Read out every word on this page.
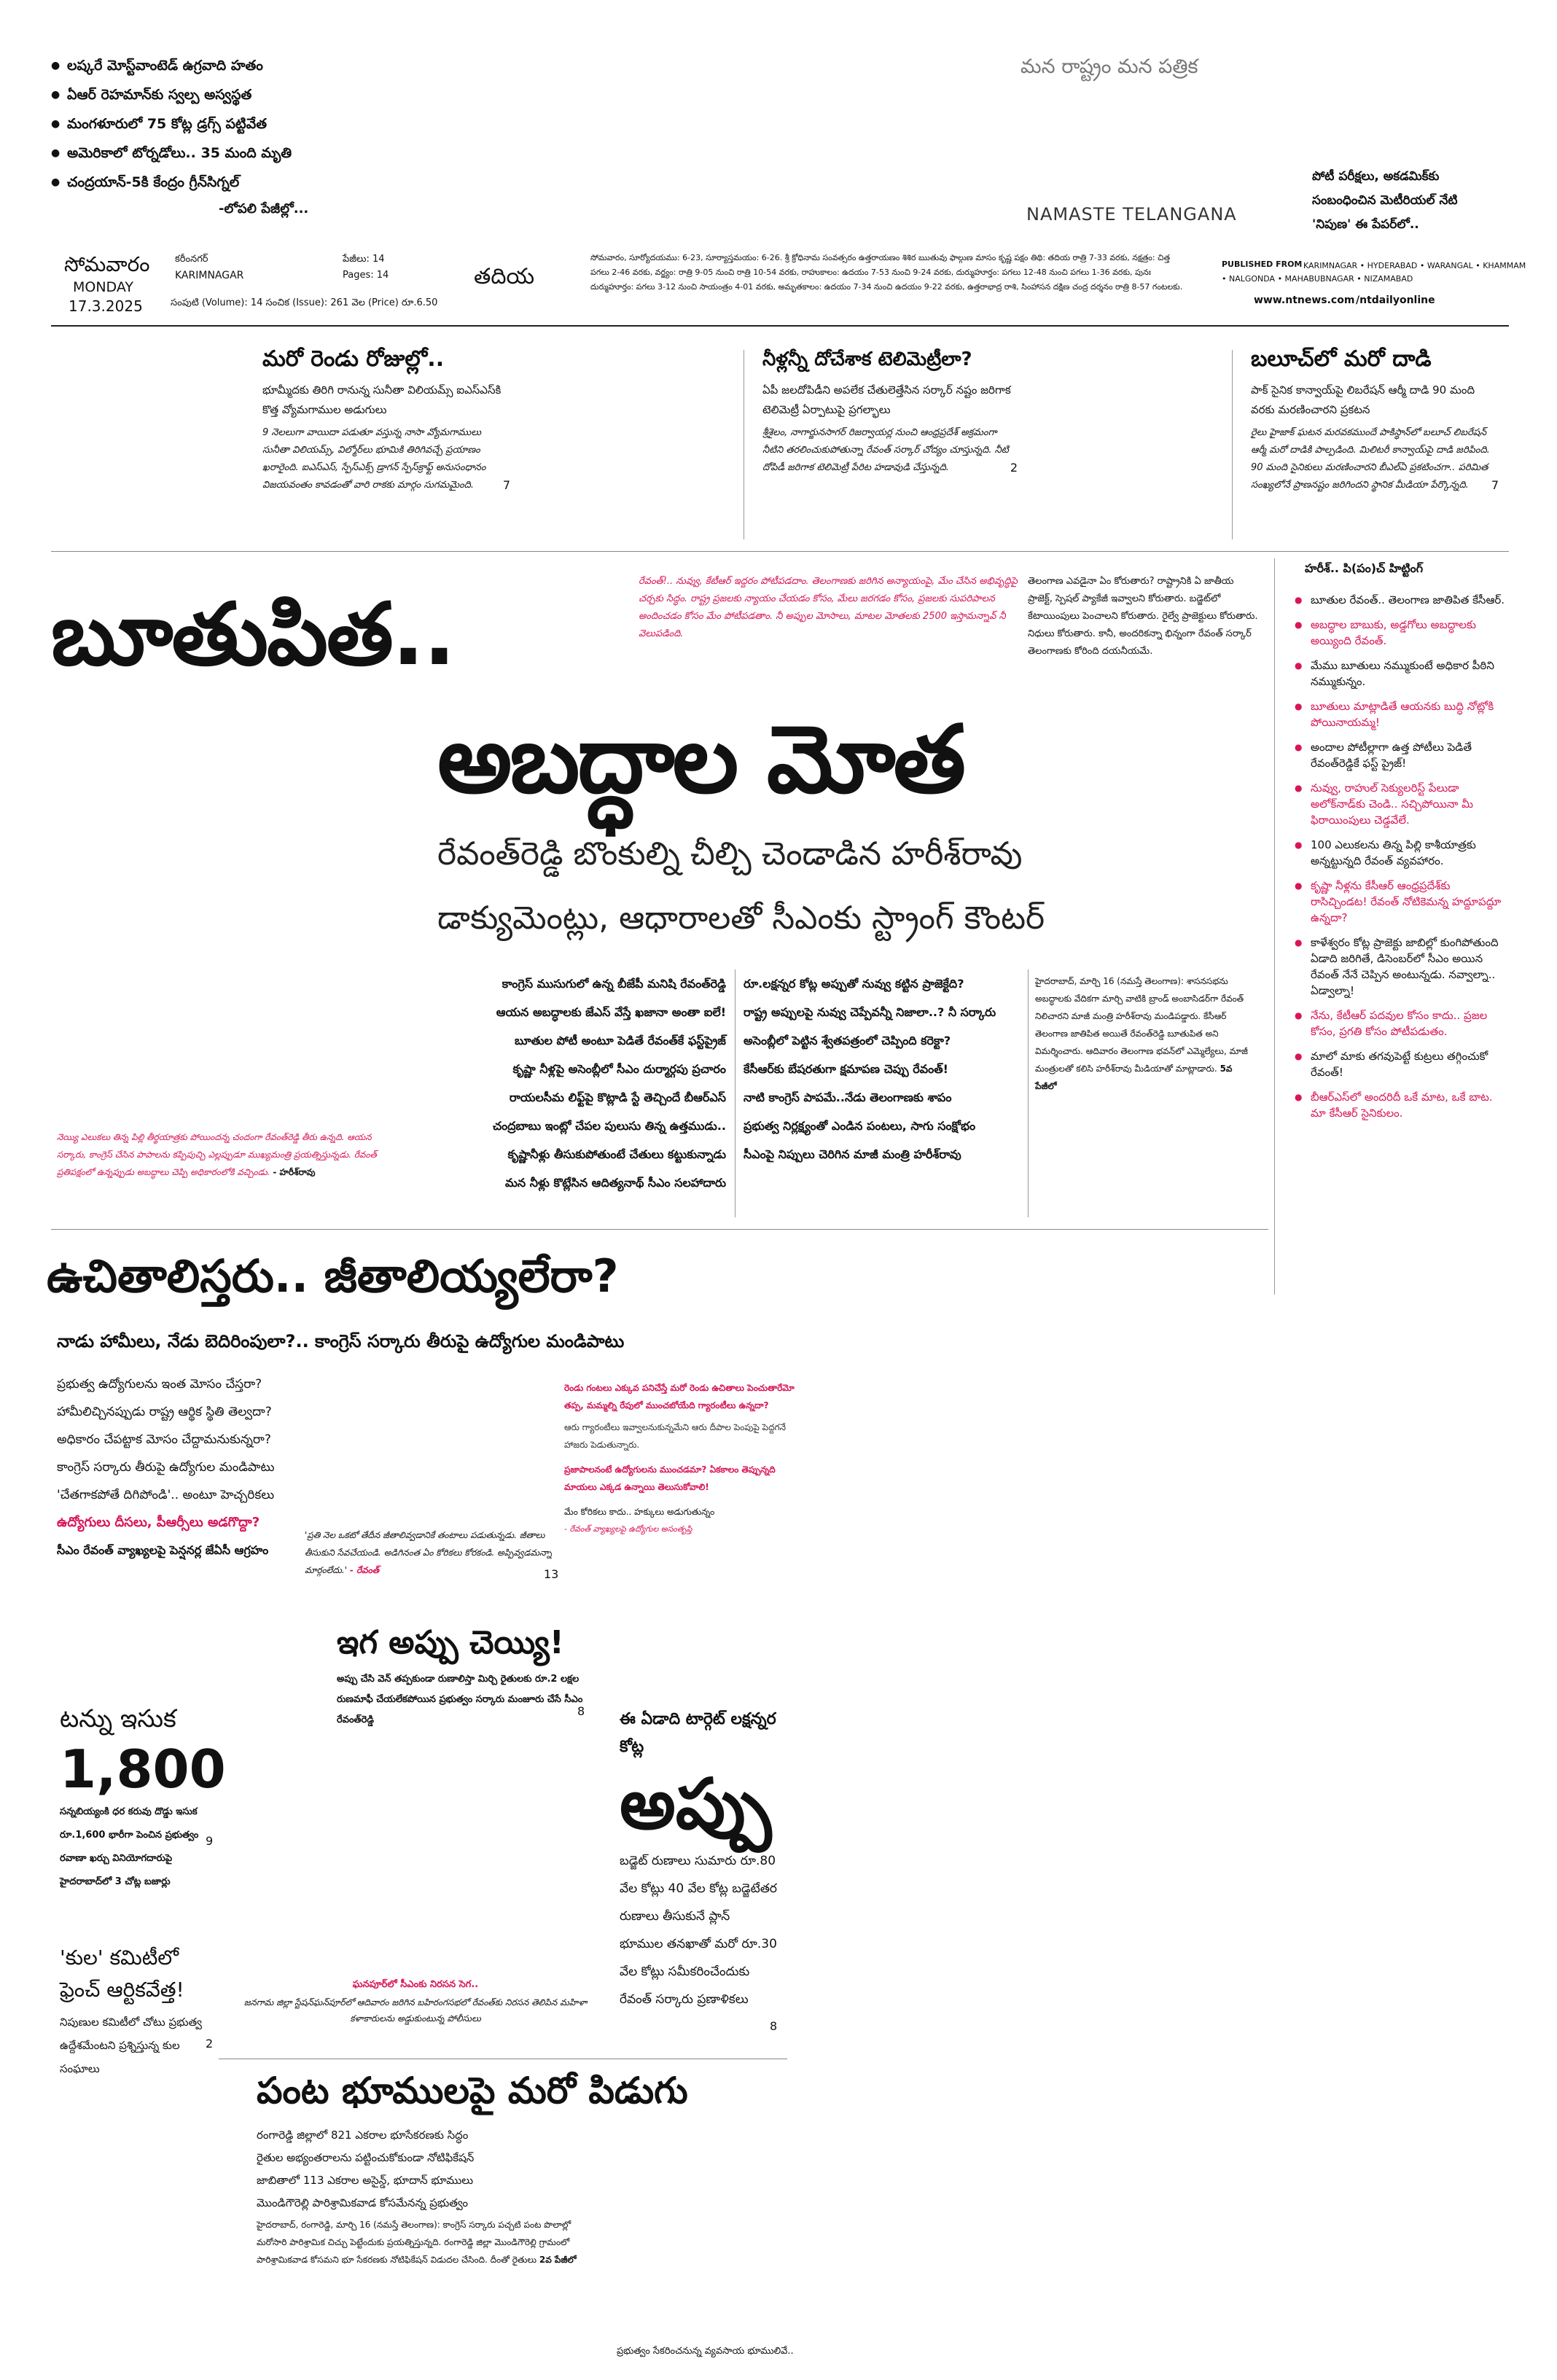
● లష్కరే మోస్ట్‌వాంటెడ్ ఉగ్రవాది హతం
● ఏఆర్ రెహమాన్‌కు స్వల్ప అస్వస్థత
● మంగళూరులో 75 కోట్ల డ్రగ్స్ పట్టివేత
● అమెరికాలో టోర్నడోలు.. 35 మంది మృతి
● చంద్రయాన్-5కి కేంద్రం గ్రీన్‌సిగ్నల్
-లోపలి పేజీల్లో...
మన రాష్ట్రం మన పత్రిక
NAMASTE TELANGANA
పోటీ పరీక్షలు, అకడమిక్‌కు సంబంధించిన మెటీరియల్ నేటి 'నిపుణ' ఈ పేపర్‌లో..
సోమవారం
MONDAY
17.3.2025
కరీంనగర్
KARIMNAGAR
పేజీలు: 14
Pages: 14
సంపుటి (Volume): 14 సంచిక (Issue): 261 వెల (Price) రూ.6.50
తదియ
సోమవారం, సూర్యోదయము: 6-23, సూర్యాస్తమయం: 6-26. శ్రీ క్రోధినామ సంవత్సరం ఉత్తరాయణం శిశిర ఋతువు ఫాల్గుణ మాసం కృష్ణ పక్షం తిథి: తదియ రాత్రి 7-33 వరకు, నక్షత్రం: చిత్త పగలు 2-46 వరకు, వర్జ్యం: రాత్రి 9-05 నుంచి రాత్రి 10-54 వరకు, రాహుకాలం: ఉదయం 7-53 నుంచి 9-24 వరకు, దుర్ముహూర్తం: పగలు 12-48 నుంచి పగలు 1-36 వరకు, పునః దుర్ముహూర్తం: పగలు 3-12 నుంచి సాయంత్రం 4-01 వరకు, అమృతకాలం: ఉదయం 7-34 నుంచి ఉదయం 9-22 వరకు, ఉత్తరాభాద్ర రాశి, సింహాసన దక్షిణ చంద్ర దర్శనం రాత్రి 8-57 గంటలకు.
PUBLISHED FROM KARIMNAGAR • HYDERABAD • WARANGAL • KHAMMAM • NALGONDA • MAHABUBNAGAR • NIZAMABAD
www.ntnews.com /ntdailyonline
మరో రెండు రోజుల్లో..
భూమ్మీదకు తిరిగి రానున్న సునీతా విలియమ్స్ ఐఎస్‌ఎస్‌కి కొత్త వ్యోమగాముల అడుగులు
9 నెలలుగా వాయిదా పడుతూ వస్తున్న నాసా వ్యోమగాములు సునీతా విలియమ్స్, విల్మోర్‌లు భూమికి తిరిగివచ్చే ప్రయాణం ఖరారైంది. ఐఎస్ఎస్, స్పేస్‌ఎక్స్ డ్రాగన్ స్పేస్‌క్రాఫ్ట్ అనుసంధానం విజయవంతం కావడంతో వారి రాకకు మార్గం సుగమమైంది.	7
నీళ్లన్నీ దోచేశాక టెలిమెట్రీలా?
ఏపీ జలదోపిడీని అపలేక చేతులెత్తేసిన సర్కార్ నష్టం జరిగాక టెలిమెట్రీ ఏర్పాటుపై ప్రగల్భాలు
శ్రీశైలం, నాగార్జునసాగర్ రిజర్వాయర్ల నుంచి ఆంధ్రప్రదేశ్ అక్రమంగా నీటిని తరలించుకుపోతున్నా రేవంత్ సర్కార్ చోద్యం చూస్తున్నది. నీటి దోపిడీ జరిగాక టెలిమెట్రీ పేరిట హడావుడి చేస్తున్నది.	2
బలూచ్‌లో మరో దాడి
పాక్ సైనిక కాన్వాయ్‌పై లిబరేషన్ ఆర్మీ దాడి 90 మంది వరకు మరణించారని ప్రకటన
రైలు హైజాక్ ఘటన మరవకముందే పాకిస్థాన్‌లో బలూచ్ లిబరేషన్ ఆర్మీ మరో దాడికి పాల్పడింది. మిలిటరీ కాన్వాయ్‌పై దాడి జరిపింది. 90 మంది సైనికులు మరణించారని బీఎల్ఏ ప్రకటించగా.. పరిమిత సంఖ్యలోనే ప్రాణనష్టం జరిగిందని స్థానిక మీడియా పేర్కొన్నది.	7
బూతుపిత..
రేవంత్!.. నువ్వు, కేటీఆర్ ఇద్దరం పోటీపడదాం. తెలంగాణకు జరిగిన అన్యాయంపై, మేం చేసిన అభివృద్ధిపై చర్చకు సిద్ధం. రాష్ట్ర ప్రజలకు న్యాయం చేయడం కోసం, మేలు జరగడం కోసం, ప్రజలకు సుపరిపాలన అందించడం కోసం మేం పోటీపడతాం. నీ అప్పుల మోసాలు, మాటల మోతలకు 2500 ఇస్తామన్నావ్ నీ వెలుపడింది.
తెలంగాణ ఎవడైనా ఏం కోరుతారు? రాష్ట్రానికి ఏ జాతీయ ప్రాజెక్ట్, స్పెషల్ ప్యాకేజీ ఇవ్వాలని కోరుతారు. బడ్జెట్‌లో కేటాయింపులు పెంచాలని కోరుతారు. రైల్వే ప్రాజెక్టులు కోరుతారు. నిధులు కోరుతారు. కానీ, అందరికన్నా భిన్నంగా రేవంత్ సర్కార్ తెలంగాణకు కోరింది దయనీయమే.
అబద్ధాల మోత
రేవంత్‌రెడ్డి బొంకుల్ని చీల్చి చెండాడిన హరీశ్‌రావు
డాక్యుమెంట్లు, ఆధారాలతో సీఎంకు స్ట్రాంగ్ కౌంటర్
కాంగ్రెస్ ముసుగులో ఉన్న బీజేపీ మనిషి రేవంత్‌రెడ్డి
ఆయన అబద్ధాలకు జేఎస్ వేస్తే ఖజానా అంతా ఐలే!
బూతుల పోటీ అంటూ పెడితే రేవంత్‌కే ఫస్ట్‌ప్రైజ్
కృష్ణా నీళ్లపై అసెంబ్లీలో సీఎం దుర్మార్గపు ప్రచారం
రాయలసీమ లిఫ్ట్‌పై కొట్లాడి స్టే తెచ్చిందే బీఆర్ఎస్
చంద్రబాబు ఇంట్లో చేపల పులుసు తిన్న ఉత్తముడు..
కృష్ణానీళ్లు తీసుకుపోతుంటే చేతులు కట్టుకున్నాడు
మన నీళ్లు కొట్లేసిన ఆదిత్యనాథ్ సీఎం సలహాదారు
రూ.లక్షన్నర కోట్ల అప్పుతో నువ్వు కట్టిన ప్రాజెక్టేది?
రాష్ట్ర అప్పులపై నువ్వు చెప్పేవన్నీ నిజాలా..? నీ సర్కారు
అసెంబ్లీలో పెట్టిన శ్వేతపత్రంలో చెప్పింది కరెక్టా?
కేసీఆర్‌కు బేషరతుగా క్షమాపణ చెప్పు రేవంత్!
నాటి కాంగ్రెస్ పాపమే..నేడు తెలంగాణకు శాపం
ప్రభుత్వ నిర్లక్ష్యంతో ఎండిన పంటలు, సాగు సంక్షోభం
సీఎంపై నిప్పులు చెరిగిన మాజీ మంత్రి హరీశ్‌రావు
హైదరాబాద్, మార్చి 16 (నమస్తే తెలంగాణ): శాసనసభను అబద్ధాలకు వేదికగా మార్చి వాటికి బ్రాండ్ అంబాసిడర్‌గా రేవంత్ నిలిచారని మాజీ మంత్రి హరీశ్‌రావు మండిపడ్డారు. కేసీఆర్ తెలంగాణ జాతిపిత అయితే రేవంత్‌రెడ్డి బూతుపిత అని విమర్శించారు. ఆదివారం తెలంగాణ భవన్‌లో ఎమ్మెల్యేలు, మాజీ మంత్రులతో కలిసి హరీశ్‌రావు మీడియాతో మాట్లాడారు. 5వ పేజీలో
నెయ్యి ఎలుకలు తిన్న పిల్లి తీర్థయాత్రకు పోయిందన్న చందంగా రేవంత్‌రెడ్డి తీరు ఉన్నది. ఆయన సర్కారు, కాంగ్రెస్ చేసిన పాపాలను కప్పిపుచ్చి ఎల్లప్పుడూ ముఖ్యమంత్రి ప్రయత్నిస్తున్నడు. రేవంత్ ప్రతిపక్షంలో ఉన్నప్పుడు అబద్ధాలు చెప్పి అధికారంలోకి వచ్చిండు. - హరీశ్‌రావు
హరీశ్.. పి(పం)చ్ హిట్టింగ్
● బూతుల రేవంత్.. తెలంగాణ జాతిపిత కేసీఆర్.
● అబద్ధాల బాబుకు, అడ్డగోలు అబద్ధాలకు అయ్యింది రేవంత్.
● మేము బూతులు నమ్ముకుంటే అధికార పీఠిని నమ్ముకున్నం.
● బూతులు మాట్లాడితే ఆయనకు బుద్ధి నోట్లోకి పోయినాయమ్మ!
● అందాల పోటీల్లాగా ఉత్త పోటీలు పెడితే రేవంత్‌రెడ్డికే ఫస్ట్ ప్రైజ్!
● నువ్వు, రాహుల్ సెక్యులరిస్ట్ పేలుడా అలోక్‌నాడ్‌కు చెండి.. సచ్చిపోయినా మీ ఫిరాయింపులు చెడ్డవేలే.
● 100 ఎలుకలను తిన్న పిల్లి కాశీయాత్రకు అన్నట్టున్నది రేవంత్ వ్యవహారం.
● కృష్ణా నీళ్లను కేసీఆర్ ఆంధ్రప్రదేశ్‌కు రాసిచ్చిండట! రేవంత్ నోటికెమన్న హద్దూపద్దూ ఉన్నదా?
● కాళేశ్వరం కోట్ల ప్రాజెక్టు జాబిల్లో కుంగిపోతుంది ఏడాది జరిగితే, డిసెంబర్‌లో సీఎం అయిన రేవంత్ నేనే చెప్పిన అంటున్నడు. నవ్వాల్నా.. ఏడ్వాల్నా!
● నేను, కేటీఆర్ పదవుల కోసం కాదు.. ప్రజల కోసం, ప్రగతి కోసం పోటీపడుతం.
● మాలో మాకు తగవుపెట్టే కుట్రలు తగ్గించుకో రేవంత్!
● బీఆర్ఎస్‌లో అందరిదీ ఒకే మాట, ఒకే బాట. మా కేసీఆర్ సైనికులం.
ఉచితాలిస్తరు.. జీతాలియ్యలేరా?
నాడు హామీలు, నేడు బెదిరింపులా?.. కాంగ్రెస్ సర్కారు తీరుపై ఉద్యోగుల మండిపాటు
ప్రభుత్వ ఉద్యోగులను ఇంత మోసం చేస్తరా?
హామీలిచ్చినప్పుడు రాష్ట్ర ఆర్థిక స్థితి తెల్వదా?
అధికారం చేపట్టాక మోసం చేద్దామనుకున్నరా?
కాంగ్రెస్ సర్కారు తీరుపై ఉద్యోగుల మండిపాటు
'చేతగాకపోతే దిగిపోండి'.. అంటూ హెచ్చరికలు
ఉద్యోగులు దీసలు, పీఆర్సీలు అడగొద్దా?
సీఎం రేవంత్ వ్యాఖ్యలపై పెన్షనర్ల జేఏసీ ఆగ్రహం
'ప్రతి నెల ఒకటో తేదీన జీతాలివ్వడానికే తంటాలు పడుతున్నడు. జీతాలు తీసుకుని సేవచేయండి. అడిగినంత ఏం కోరికలు కోరకండి. అప్పివ్వడమన్నా మార్గంలేదు.' - రేవంత్	13
రెండు గంటలు ఎక్కువ పనిచేస్తే మరో రెండు ఉచితాలు పెంచుతారేమో తప్ప, మమ్మల్ని రేపులో ముంచబోయేది గ్యారంటీలు ఉన్నదా?
ఆరు గ్యారంటీలు ఇవ్వాలనుకున్నమేని ఆరు దీపాల పెంపుపై పెద్దగనే హాజరు పెడుతున్నారు.
ప్రజాపాలనంటే ఉద్యోగులను ముంచడమా? ఏకకాలం తెప్పున్నది మాయలు ఎక్కడ ఉన్నాయి తెలుసుకోవాలి!
మేం కోరికలు కాదు.. హక్కులు అడుగుతున్నం
- రేవంత్ వ్యాఖ్యలపై ఉద్యోగుల అసంతృప్తి
ఇగ అప్పు చెయ్యి!
అప్పు చేసి వెన్ తప్పకుండా రుణాలిస్తా మిర్చి రైతులకు రూ.2 లక్షల రుణమాఫీ చేయలేకపోయిన ప్రభుత్వం సర్కారు మంజూరు చేసే సీఎం రేవంత్‌రెడ్డి
8
టన్ను ఇసుక
1,800
సన్నబియ్యంకి ధర కరువు దొడ్డు ఇసుక రూ.1,600 భారీగా పెంచిన ప్రభుత్వం రవాణా ఖర్చు వినియోగదారుపై హైదరాబాద్‌లో 3 చోట్ల బజార్లు
9
ఈ ఏడాది టార్గెట్ లక్షన్నర కోట్ల
అప్పు
బడ్జెట్ రుణాలు సుమారు రూ.80 వేల కోట్లు 40 వేల కోట్ల బడ్జెటేతర రుణాలు తీసుకునే ప్లాన్ భూముల తనఖాతో మరో రూ.30 వేల కోట్లు సమీకరించేందుకు రేవంత్ సర్కారు ప్రణాళికలు
8
'కుల' కమిటీలో ఫ్రెంచ్ ఆర్టికవేత్త!
నిపుణుల కమిటీలో చోటు ప్రభుత్వ ఉద్దేశమేంటని ప్రశ్నిస్తున్న కుల సంఘాలు
2
ఘనపూర్‌లో సీఎంకు నిరసన సెగ..
జనగామ జిల్లా స్టేషన్‌ఘన్‌పూర్‌లో ఆదివారం జరిగిన బహిరంగసభలో రేవంత్‌కు నిరసన తెలిపిన మహిళా కళాకారులను అడ్డుకుంటున్న పోలీసులు
పంట భూములపై మరో పిడుగు
రంగారెడ్డి జిల్లాలో 821 ఎకరాల భూసేకరణకు సిద్ధం
రైతుల అభ్యంతరాలను పట్టించుకోకుండా నోటిఫికేషన్
జాబితాలో 113 ఎకరాల అసైన్డ్, భూదాన్ భూములు
మొండిగౌరెల్లి పారిశ్రామికవాడ కోసమేనన్న ప్రభుత్వం
హైదరాబాద్, రంగారెడ్డి, మార్చి 16 (నమస్తే తెలంగాణ): కాంగ్రెస్ సర్కారు పచ్చటి పంట పొలాల్లో మరోసారి పారిశ్రామిక చిచ్చు పెట్టేందుకు ప్రయత్నిస్తున్నది. రంగారెడ్డి జిల్లా మొండిగౌరెల్లి గ్రామంలో పారిశ్రామికవాడ కోసమని భూ సేకరణకు నోటిఫికేషన్ విడుదల చేసింది. దీంతో రైతులు 2వ పేజీలో
ప్రభుత్వం సేకరించనున్న వ్యవసాయ భూములివే..
